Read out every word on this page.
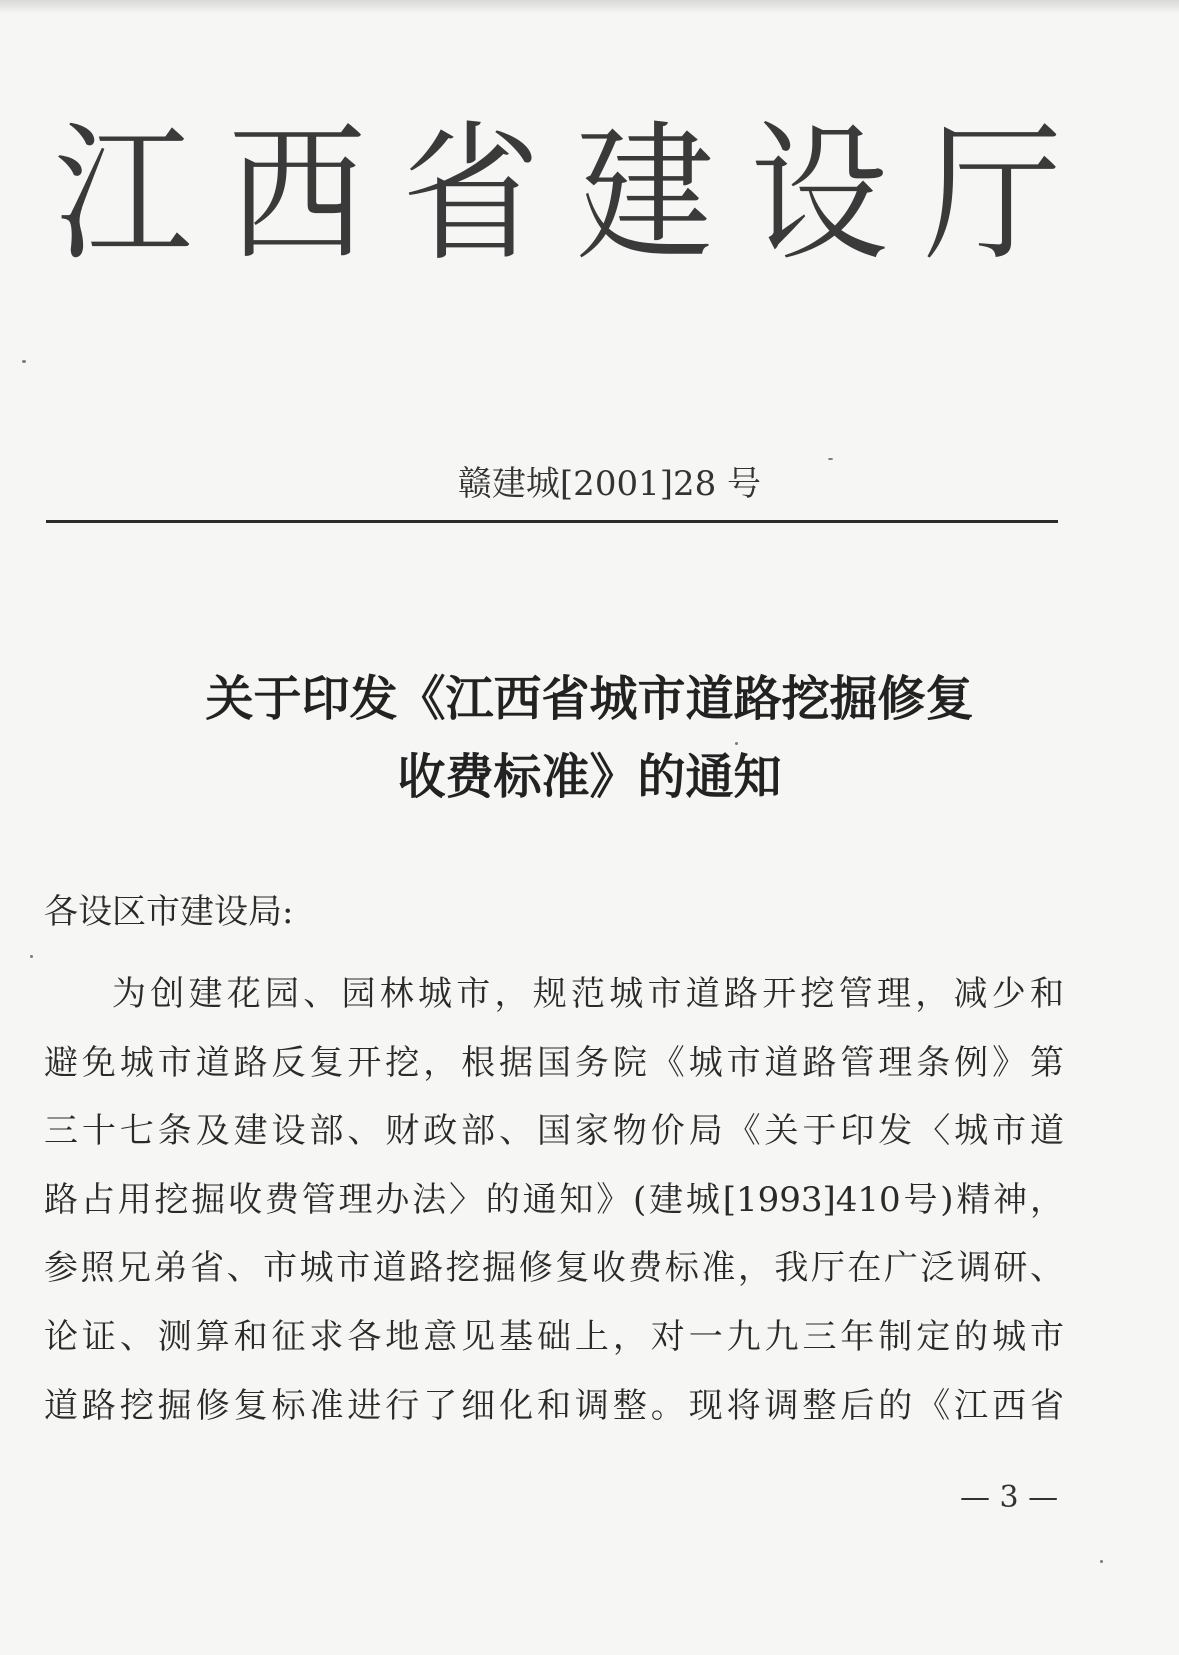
江 西 省 建 设 厅
赣建城[2001]28 号
关于印发《江西省城市道路挖掘修复
收费标准》的通知
各设区市建设局:
为创建花园、园林城市，规范城市道路开挖管理，减少和
避免城市道路反复开挖，根据国务院《城市道路管理条例》第
三十七条及建设部、财政部、国家物价局《关于印发〈城市道
路占用挖掘收费管理办法〉的通知》(建城[1993]410号)精神，
参照兄弟省、市城市道路挖掘修复收费标准，我厅在广泛调研、
论证、测算和征求各地意见基础上，对一九九三年制定的城市
道路挖掘修复标准进行了细化和调整。现将调整后的《江西省
— 3 —
